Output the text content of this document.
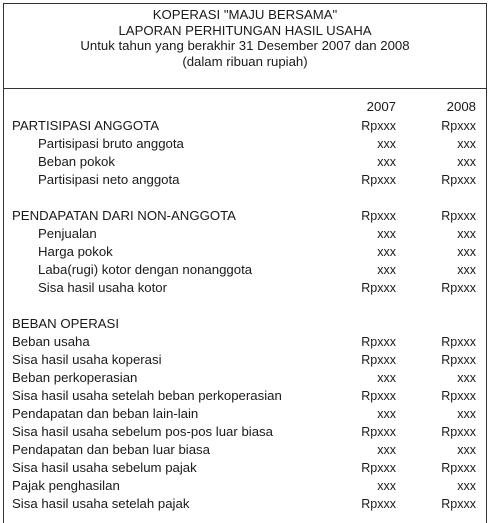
KOPERASI "MAJU BERSAMA"
LAPORAN PERHITUNGAN HASIL USAHA
Untuk tahun yang berakhir 31 Desember 2007 dan 2008
(dalam ribuan rupiah)
2007	2008
PARTISIPASI ANGGOTA	Rpxxx	Rpxxx
Partisipasi bruto anggota	xxx	xxx
Beban pokok	xxx	xxx
Partisipasi neto anggota	Rpxxx	Rpxxx
PENDAPATAN DARI NON-ANGGOTA	Rpxxx	Rpxxx
Penjualan	xxx	xxx
Harga pokok	xxx	xxx
Laba(rugi) kotor dengan nonanggota	xxx	xxx
Sisa hasil usaha kotor	Rpxxx	Rpxxx
BEBAN OPERASI
Beban usaha	Rpxxx	Rpxxx
Sisa hasil usaha koperasi	Rpxxx	Rpxxx
Beban perkoperasian	xxx	xxx
Sisa hasil usaha setelah beban perkoperasian	Rpxxx	Rpxxx
Pendapatan dan beban lain-lain	xxx	xxx
Sisa hasil usaha sebelum pos-pos luar biasa	Rpxxx	Rpxxx
Pendapatan dan beban luar biasa	xxx	xxx
Sisa hasil usaha sebelum pajak	Rpxxx	Rpxxx
Pajak penghasilan	xxx	xxx
Sisa hasil usaha setelah pajak	Rpxxx	Rpxxx
